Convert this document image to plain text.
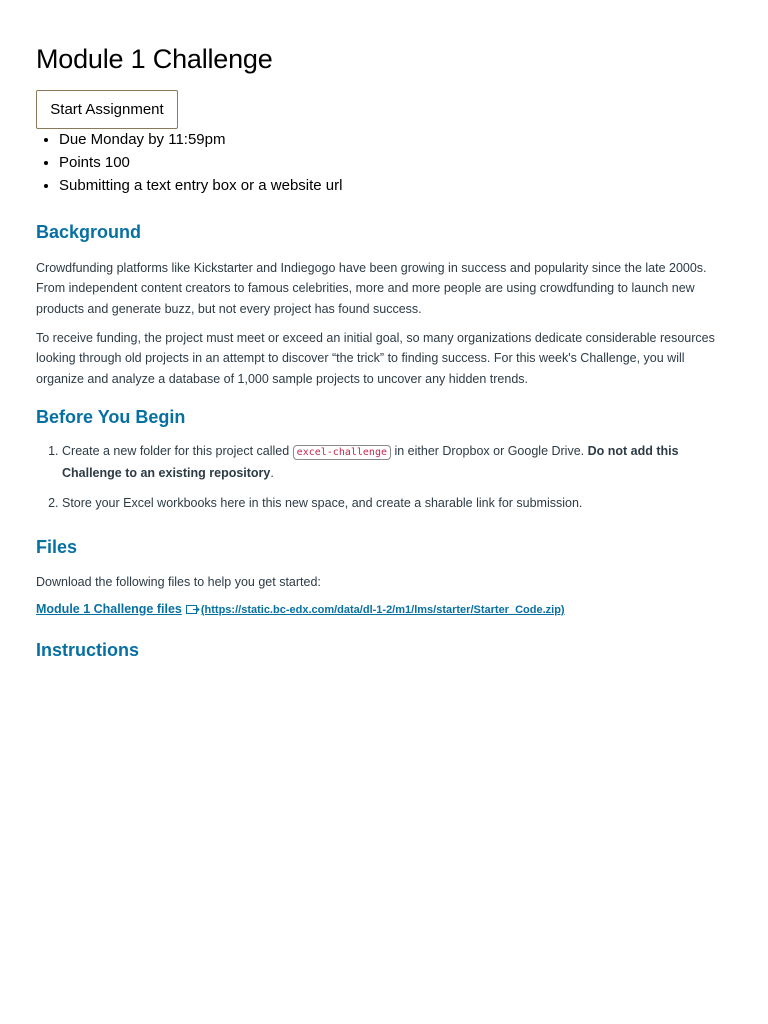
Module 1 Challenge
Start Assignment
• Due Monday by 11:59pm
• Points 100
• Submitting a text entry box or a website url
Background

Crowdfunding platforms like Kickstarter and Indiegogo have been growing in success and popularity since the late 2000s. From independent content creators to famous celebrities, more and more people are using crowdfunding to launch new products and generate buzz, but not every project has found success.

To receive funding, the project must meet or exceed an initial goal, so many organizations dedicate considerable resources looking through old projects in an attempt to discover “the trick” to finding success. For this week's Challenge, you will organize and analyze a database of 1,000 sample projects to uncover any hidden trends.

Before You Begin
1. Create a new folder for this project called excel-challenge in either Dropbox or Google Drive. Do not add this Challenge to an existing repository.
2. Store your Excel workbooks here in this new space, and create a sharable link for submission.
Files

Download the following files to help you get started:

Module 1 Challenge files (https://static.bc-edx.com/data/dl-1-2/m1/lms/starter/Starter_Code.zip)
Instructions
